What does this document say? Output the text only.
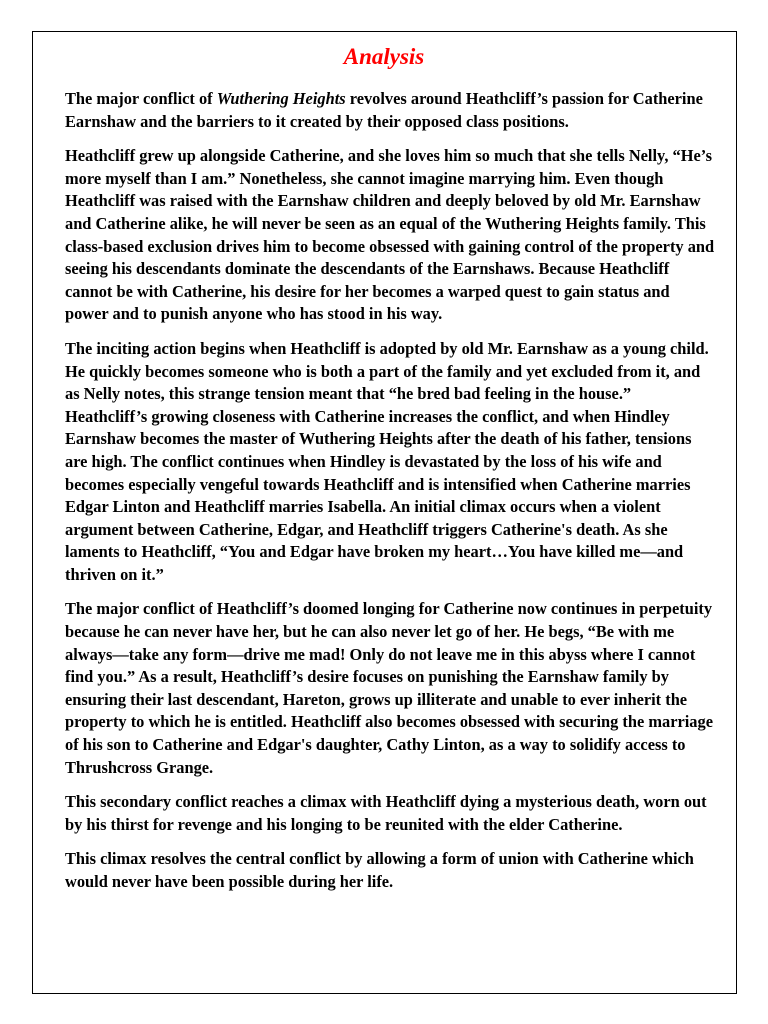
Analysis

The major conflict of Wuthering Heights revolves around Heathcliff’s passion for Catherine Earnshaw and the barriers to it created by their opposed class positions.

Heathcliff grew up alongside Catherine, and she loves him so much that she tells Nelly, “He’s more myself than I am.” Nonetheless, she cannot imagine marrying him. Even though Heathcliff was raised with the Earnshaw children and deeply beloved by old Mr. Earnshaw and Catherine alike, he will never be seen as an equal of the Wuthering Heights family. This class-based exclusion drives him to become obsessed with gaining control of the property and seeing his descendants dominate the descendants of the Earnshaws. Because Heathcliff cannot be with Catherine, his desire for her becomes a warped quest to gain status and power and to punish anyone who has stood in his way.

The inciting action begins when Heathcliff is adopted by old Mr. Earnshaw as a young child. He quickly becomes someone who is both a part of the family and yet excluded from it, and as Nelly notes, this strange tension meant that “he bred bad feeling in the house.” Heathcliff’s growing closeness with Catherine increases the conflict, and when Hindley Earnshaw becomes the master of Wuthering Heights after the death of his father, tensions are high. The conflict continues when Hindley is devastated by the loss of his wife and becomes especially vengeful towards Heathcliff and is intensified when Catherine marries Edgar Linton and Heathcliff marries Isabella. An initial climax occurs when a violent argument between Catherine, Edgar, and Heathcliff triggers Catherine's death. As she laments to Heathcliff, “You and Edgar have broken my heart…You have killed me—and thriven on it.”

The major conflict of Heathcliff’s doomed longing for Catherine now continues in perpetuity because he can never have her, but he can also never let go of her. He begs, “Be with me always—take any form—drive me mad! Only do not leave me in this abyss where I cannot find you.” As a result, Heathcliff’s desire focuses on punishing the Earnshaw family by ensuring their last descendant, Hareton, grows up illiterate and unable to ever inherit the property to which he is entitled. Heathcliff also becomes obsessed with securing the marriage of his son to Catherine and Edgar's daughter, Cathy Linton, as a way to solidify access to Thrushcross Grange.

This secondary conflict reaches a climax with Heathcliff dying a mysterious death, worn out by his thirst for revenge and his longing to be reunited with the elder Catherine.

This climax resolves the central conflict by allowing a form of union with Catherine which would never have been possible during her life.
